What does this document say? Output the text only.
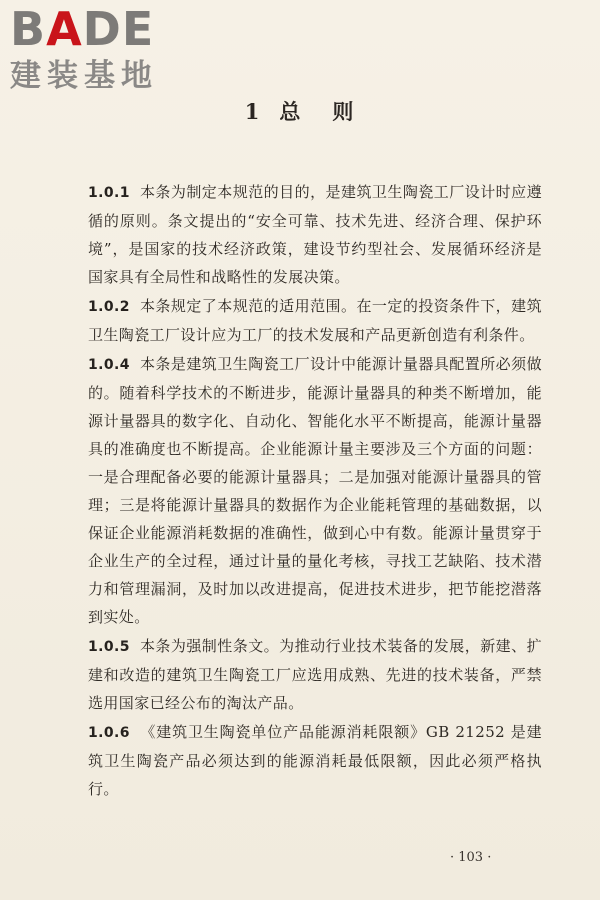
BADE
建装基地
1 总 则

1.0.1 本条为制定本规范的目的，是建筑卫生陶瓷工厂设计时应遵循的原则。条文提出的“安全可靠、技术先进、经济合理、保护环境”，是国家的技术经济政策，建设节约型社会、发展循环经济是国家具有全局性和战略性的发展决策。

1.0.2 本条规定了本规范的适用范围。在一定的投资条件下，建筑卫生陶瓷工厂设计应为工厂的技术发展和产品更新创造有利条件。

1.0.4 本条是建筑卫生陶瓷工厂设计中能源计量器具配置所必须做的。随着科学技术的不断进步，能源计量器具的种类不断增加，能源计量器具的数字化、自动化、智能化水平不断提高，能源计量器具的准确度也不断提高。企业能源计量主要涉及三个方面的问题：一是合理配备必要的能源计量器具；二是加强对能源计量器具的管理；三是将能源计量器具的数据作为企业能耗管理的基础数据，以保证企业能源消耗数据的准确性，做到心中有数。能源计量贯穿于企业生产的全过程，通过计量的量化考核，寻找工艺缺陷、技术潜力和管理漏洞，及时加以改进提高，促进技术进步，把节能挖潜落到实处。

1.0.5 本条为强制性条文。为推动行业技术装备的发展，新建、扩建和改造的建筑卫生陶瓷工厂应选用成熟、先进的技术装备，严禁选用国家已经公布的淘汰产品。

1.0.6 《建筑卫生陶瓷单位产品能源消耗限额》GB 21252 是建筑卫生陶瓷产品必须达到的能源消耗最低限额，因此必须严格执行。

· 103 ·
